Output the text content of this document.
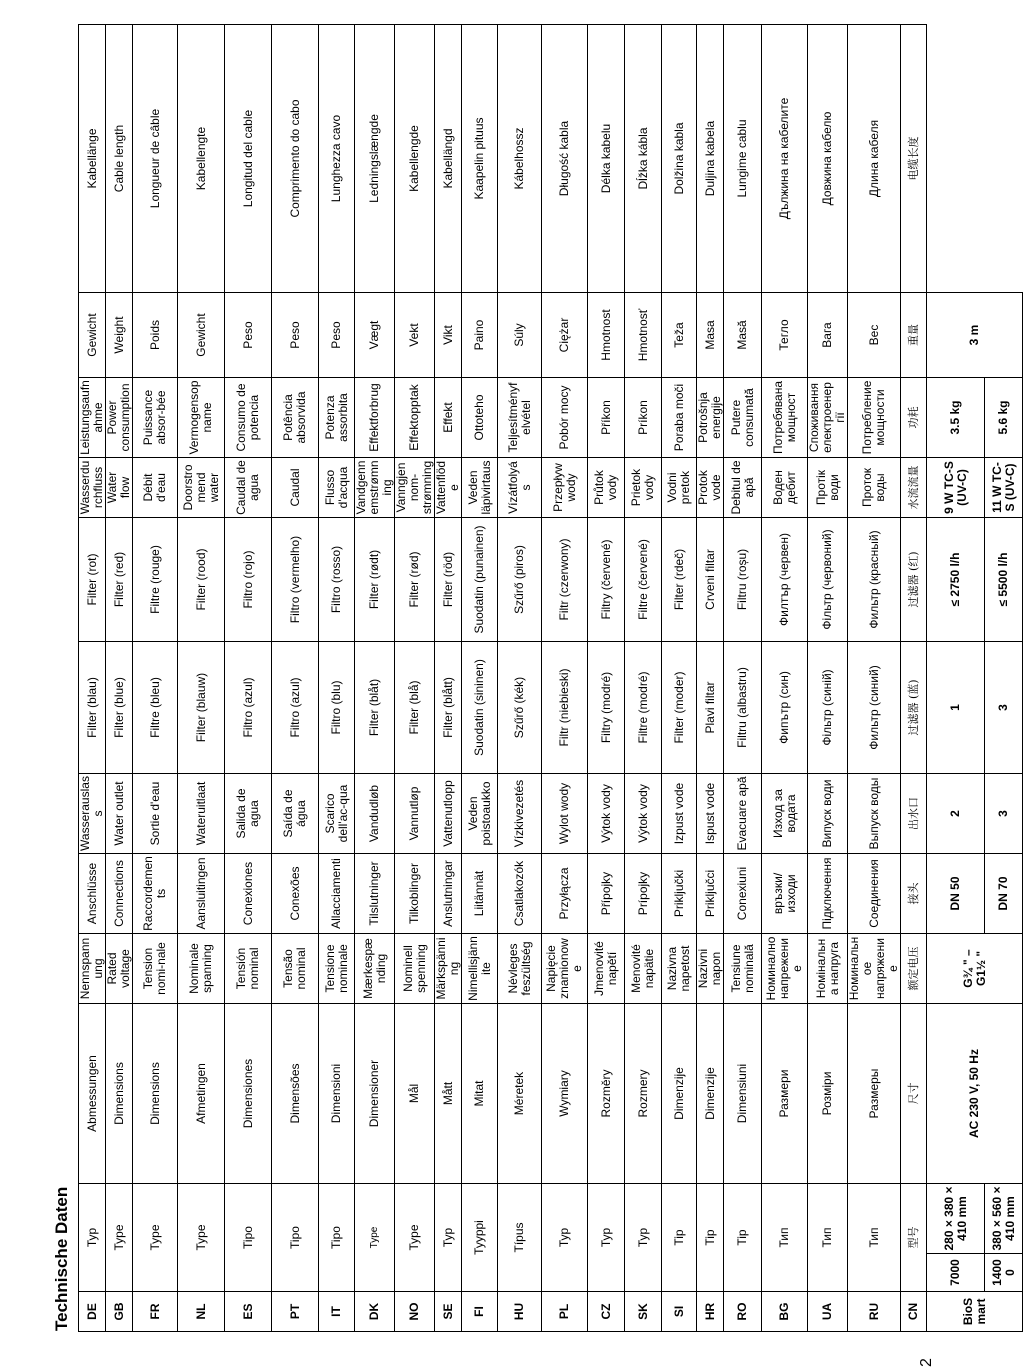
Technische Daten
2
DE	Typ		Abmessungen	Nennspannung	Anschlüsse	Wasserauslass	Filter (blau)	Filter (rot)	Wasserdurchfluss	Leistungsaufnahme	Gewicht	Kabellänge
GB	Type		Dimensions	Rated voltage	Connections	Water outlet	Filter (blue)	Filter (red)	Water flow	Power consumption	Weight	Cable length
FR	Type		Dimensions	Tension nomi-nale	Raccordements	Sortie d'eau	Filtre (bleu)	Filtre (rouge)	Débit d'eau	Puissance absor-bée	Poids	Longueur de câble
NL	Type		Afmetingen	Nominale spanning	Aansluitingen	Wateruitlaat	Filter (blauw)	Filter (rood)	Doorstromend water	Vermogensopname	Gewicht	Kabellengte
ES	Tipo		Dimensiones	Tensión nominal	Conexiones	Salida de agua	Filtro (azul)	Filtro (rojo)	Caudal de agua	Consumo de potencia	Peso	Longitud del cable
PT	Tipo		Dimensões	Tensão nominal	Conexões	Saída de água	Filtro (azul)	Filtro (vermelho)	Caudal	Potência absorvida	Peso	Comprimento do cabo
IT	Tipo		Dimensioni	Tensione nominale	Allacciamenti	Scarico dell'ac-qua	Filtro (blu)	Filtro (rosso)	Flusso d'acqua	Potenza assorbita	Peso	Lunghezza cavo
DK	Type		Dimensioner	Mærkespænding	Tilslutninger	Vandudløb	Filter (blåt)	Filter (rødt)	Vandgennemstrømning	Effektforbrug	Vægt	Ledningslængde
NO	Type		Mål	Nominell spenning	Tilkoblinger	Vannutløp	Filter (blå)	Filter (rød)	Vanngjennom-strømning	Effektopptak	Vekt	Kabellengde
SE	Typ		Mått	Märkspänning	Anslutningar	Vattenutlopp	Filter (blått)	Filter (röd)	Vattenflöde	Effekt	Vikt	Kabellängd
FI	Tyyppi		Mitat	Nimellisjännite	Liitännät	Veden poistoaukko	Suodatin (sininen)	Suodatin (punainen)	Veden läpivirtaus	Ottoteho	Paino	Kaapelin pituus
HU	Típus		Méretek	Névleges feszültség	Csatlakozók	Vízkivezetés	Szűrő (kék)	Szűrő (piros)	Vízátfolyás	Teljesítményfelvétel	Súly	Kábelhossz
PL	Typ		Wymiary	Napięcie znamionowe	Przyłącza	Wylot wody	Filtr (niebieski)	Filtr (czerwony)	Przepływ wody	Pobór mocy	Ciężar	Długość kabla
CZ	Typ		Rozměry	Jmenovité napětí	Přípojky	Výtok vody	Filtry (modré)	Filtry (červené)	Průtok vody	Příkon	Hmotnost	Délka kabelu
SK	Typ		Rozmery	Menovité napätie	Prípojky	Výtok vody	Filtre (modré)	Filtre (červené)	Prietok vody	Príkon	Hmotnosť	Dĺžka kábla
SI	Tip		Dimenzije	Nazivna napetost	Priključki	Izpust vode	Filter (moder)	Filter (rdeč)	Vodni pretok	Poraba moči	Teža	Dolžina kabla
HR	Tip		Dimenzije	Nazivni napon	Priključci	Ispust vode	Plavi filtar	Crveni filtar	Protok vode	Potrošnja energije	Masa	Duljina kabela
RO	Tip		Dimensiuni	Tensiune nominală	Conexiuni	Evacuare apă	Filtru (albastru)	Filtru (roșu)	Debitul de apă	Putere consumată	Masă	Lungime cablu
BG	Тип		Размери	Номинално напрежение	връзки/изходи	Изход за водата	Фипътр (син)	Филтър (червен)	Воден дебит	Потребявана мощност	Тегло	Дължина на кабелите
UA	Тип		Розміри	Номінальна напруга	Підключення	Випуск води	Фільтр (синій)	Фільтр (червоний)	Протік води	Споживання електроенергії	Вага	Довжина кабелю
RU	Тип		Размеры	Номинальное напряжение	Соединения	Выпуск воды	Фильтр (синий)	Фильтр (красный)	Проток воды	Потребление мощности	Вес	Длина кабеля
CN	型号		尺寸	额定电压	接头	出水口	过滤器 (蓝)	过滤器 (红)	水流流量	功耗	重量	电缆长度
BioSmart	7000	280 × 380 × 410 mm	AC 230 V, 50 Hz	G¾ " – G1½ "	DN 50	2	1	≤ 2750 l/h	9 W TC-S (UV-C)	3.5 kg	3 m	
	14000	380 × 560 × 410 mm			DN 70	3	3	≤ 5500 l/h	11 W TC-S (UV-C)	5.6 kg		
